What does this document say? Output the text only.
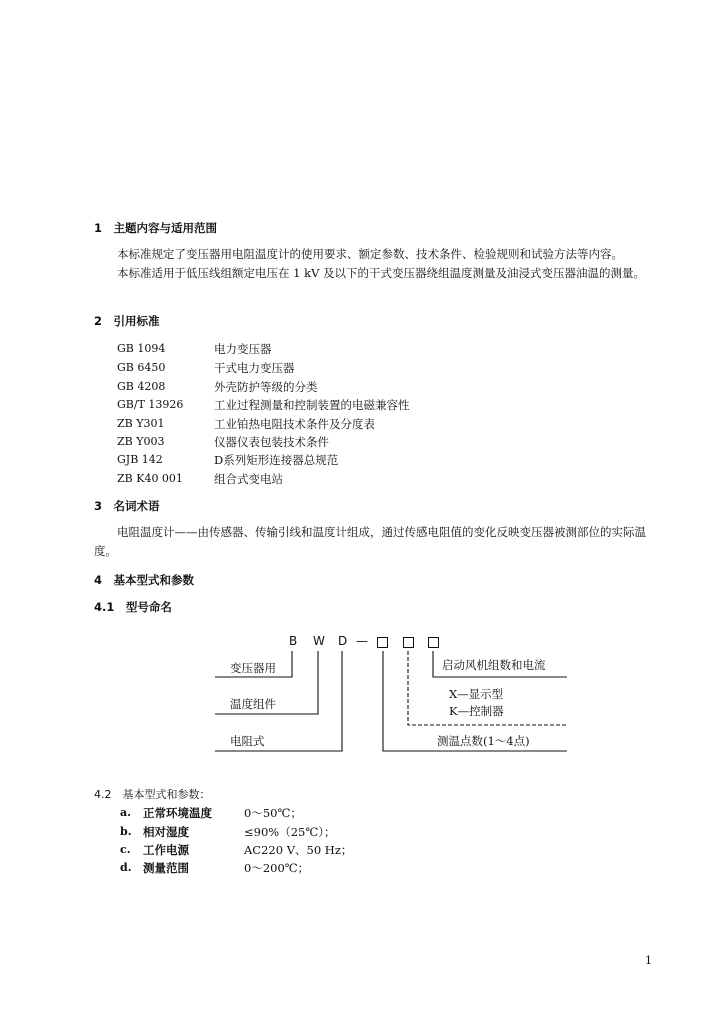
1　主题内容与适用范围
本标准规定了变压器用电阻温度计的使用要求、额定参数、技术条件、检验规则和试验方法等内容。
本标准适用于低压线组额定电压在 1 kV 及以下的干式变压器绕组温度测量及油浸式变压器油温的测量。
2　引用标准
GB 1094	电力变压器
GB 6450	干式电力变压器
GB 4208	外壳防护等级的分类
GB/T 13926	工业过程测量和控制装置的电磁兼容性
ZB Y301	工业铂热电阻技术条件及分度表
ZB Y003	仪器仪表包装技术条件
GJB 142	D系列矩形连接器总规范
ZB K40 001	组合式变电站
3　名词术语
电阻温度计——由传感器、传输引线和温度计组成，通过传感电阻值的变化反映变压器被测部位的实际温度。
4　基本型式和参数
4.1　型号命名
B W D —
变压器用
温度组件
电阻式
启动风机组数和电流
X—显示型
K—控制器
测温点数(1～4点)
4.2　基本型式和参数：
a. 正常环境温度	0～50℃；
b. 相对湿度	≤90%（25℃）；
c. 工作电源	AC220 V、50 Hz；
d. 测量范围	0～200℃；
1
